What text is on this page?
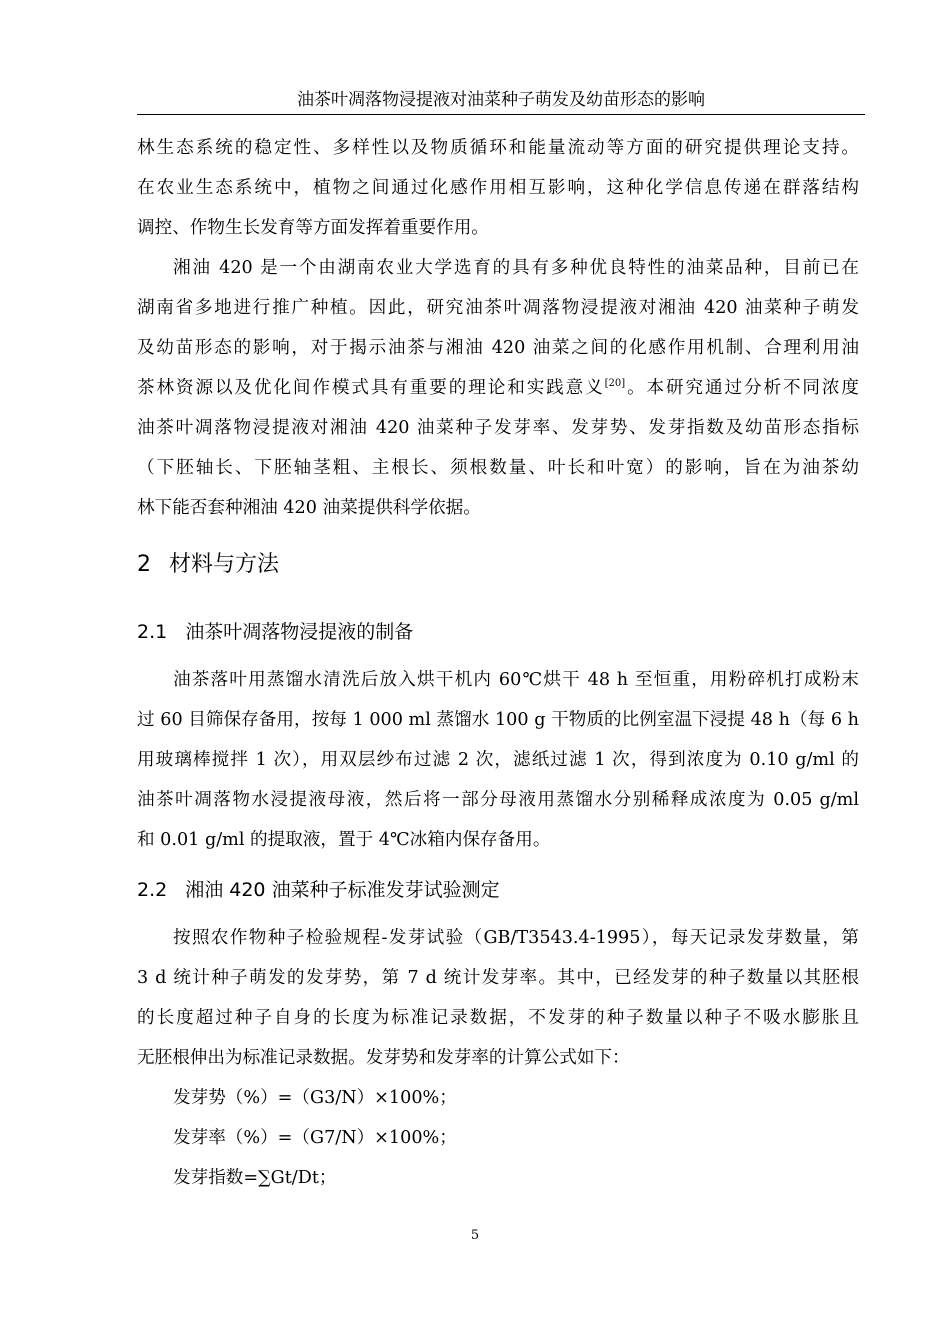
油茶叶凋落物浸提液对油菜种子萌发及幼苗形态的影响

林生态系统的稳定性、多样性以及物质循环和能量流动等方面的研究提供理论支持。

在农业生态系统中，植物之间通过化感作用相互影响，这种化学信息传递在群落结构

调控、作物生长发育等方面发挥着重要作用。

湘油 420 是一个由湖南农业大学选育的具有多种优良特性的油菜品种，目前已在

湖南省多地进行推广种植。因此，研究油茶叶凋落物浸提液对湘油 420 油菜种子萌发

及幼苗形态的影响，对于揭示油茶与湘油 420 油菜之间的化感作用机制、合理利用油

茶林资源以及优化间作模式具有重要的理论和实践意义[20]。本研究通过分析不同浓度

油茶叶凋落物浸提液对湘油 420 油菜种子发芽率、发芽势、发芽指数及幼苗形态指标

（下胚轴长、下胚轴茎粗、主根长、须根数量、叶长和叶宽）的影响，旨在为油茶幼

林下能否套种湘油 420 油菜提供科学依据。

2 材料与方法
2.1 油茶叶凋落物浸提液的制备

油茶落叶用蒸馏水清洗后放入烘干机内 60℃烘干 48 h 至恒重，用粉碎机打成粉末

过 60 目筛保存备用，按每 1 000 ml 蒸馏水 100 g 干物质的比例室温下浸提 48 h（每 6 h

用玻璃棒搅拌 1 次），用双层纱布过滤 2 次，滤纸过滤 1 次，得到浓度为 0.10 g/ml 的

油茶叶凋落物水浸提液母液，然后将一部分母液用蒸馏水分别稀释成浓度为 0.05 g/ml

和 0.01 g/ml 的提取液，置于 4℃冰箱内保存备用。

2.2 湘油 420 油菜种子标准发芽试验测定

按照农作物种子检验规程-发芽试验（GB/T3543.4-1995），每天记录发芽数量，第

3 d 统计种子萌发的发芽势，第 7 d 统计发芽率。其中，已经发芽的种子数量以其胚根

的长度超过种子自身的长度为标准记录数据，不发芽的种子数量以种子不吸水膨胀且

无胚根伸出为标准记录数据。发芽势和发芽率的计算公式如下：

发芽势（%）=（G3/N）×100%；
发芽率（%）=（G7/N）×100%；
发芽指数=∑Gt/Dt；
5
